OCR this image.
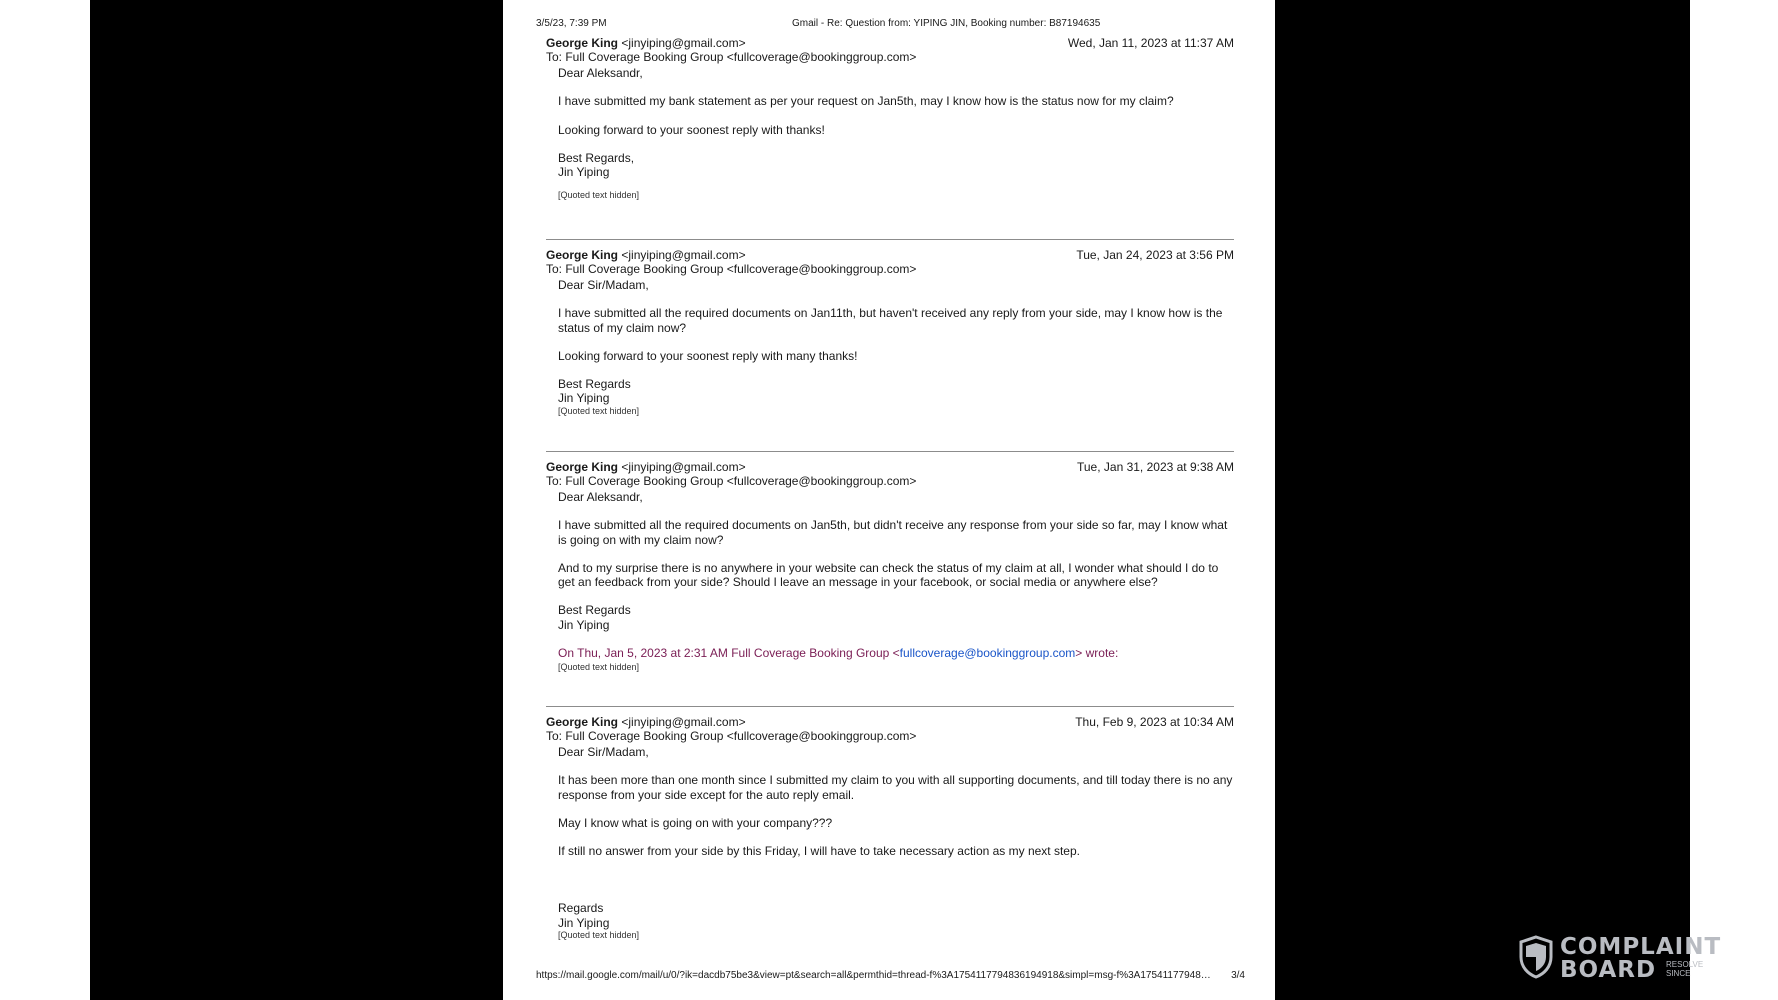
3/5/23, 7:39 PM	Gmail - Re: Question from: YIPING JIN, Booking number: B87194635
George King <jinyiping@gmail.com>	Wed, Jan 11, 2023 at 11:37 AM
To: Full Coverage Booking Group <fullcoverage@bookinggroup.com>

Dear Aleksandr,

I have submitted my bank statement as per your request on Jan5th, may I know how is the status now for my claim?

Looking forward to your soonest reply with thanks!

Best Regards,
Jin Yiping
[Quoted text hidden]
George King <jinyiping@gmail.com>	Tue, Jan 24, 2023 at 3:56 PM
To: Full Coverage Booking Group <fullcoverage@bookinggroup.com>

Dear Sir/Madam,

I have submitted all the required documents on Jan11th, but haven't received any reply from your side, may I know how is the status of my claim now?

Looking forward to your soonest reply with many thanks!

Best Regards
Jin Yiping
[Quoted text hidden]
George King <jinyiping@gmail.com>	Tue, Jan 31, 2023 at 9:38 AM
To: Full Coverage Booking Group <fullcoverage@bookinggroup.com>

Dear Aleksandr,

I have submitted all the required documents on Jan5th, but didn't receive any response from your side so far, may I know what is going on with my claim now?

And to my surprise there is no anywhere in your website can check the status of my claim at all, I wonder what should I do to get an feedback from your side? Should I leave an message in your facebook, or social media or anywhere else?

Best Regards
Jin Yiping
On Thu, Jan 5, 2023 at 2:31 AM Full Coverage Booking Group <fullcoverage@bookinggroup.com> wrote:
[Quoted text hidden]
George King <jinyiping@gmail.com>	Thu, Feb 9, 2023 at 10:34 AM
To: Full Coverage Booking Group <fullcoverage@bookinggroup.com>

Dear Sir/Madam,

It has been more than one month since I submitted my claim to you with all supporting documents, and till today there is no any response from your side except for the auto reply email.

May I know what is going on with your company???

If still no answer from your side by this Friday, I will have to take necessary action as my next step.

Regards
Jin Yiping
[Quoted text hidden]
https://mail.google.com/mail/u/0/?ik=dacdb75be3&view=pt&search=all&permthid=thread-f%3A1754117794836194918&simpl=msg-f%3A17541177948…	3/4
COMPLAINT
BOARD RESOLVE
SINCE
